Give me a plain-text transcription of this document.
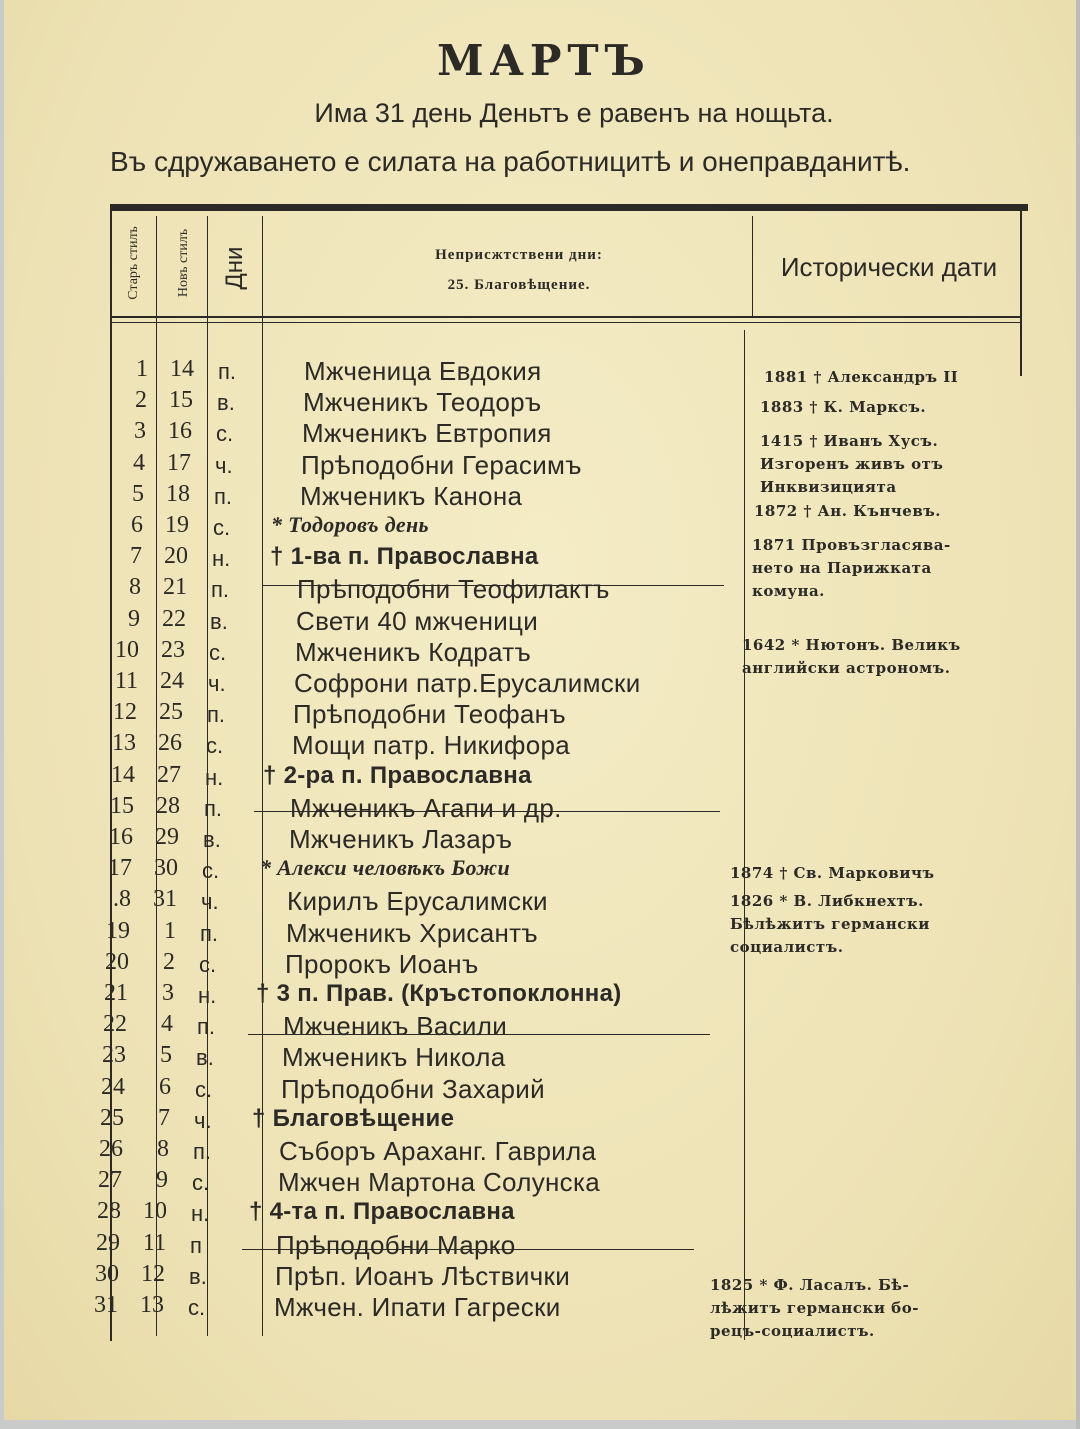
МАРТЪ
Има 31 день Деньтъ е равенъ на нощьта.
Въ сдружаването е силата на работницитѣ и онеправданитѣ.
Старъ стилъ	Новъ стилъ Дни	Неприсжтствени дни:
25. Благовѣщение.
Исторически дати
1 14 п.	Мжченица Евдокия
2 15 в.	Мжченикъ Теодоръ
3 16 с.	Мжченикъ Евтропия
4 17 ч.	Прѣподобни Герасимъ
5 18 п.	Мжченикъ Канона
6 19 с. * Тодоровъ день
7 20 н. † 1-ва п. Православна
8 21 п.	Прѣподобни Теофилактъ
9 22 в.	Свети 40 мжченици
10 23 с.	Мжченикъ Кодратъ
11 24 ч.	Софрони патр.Ерусалимски
12 25 п.	Прѣподобни Теофанъ
13 26 с.	Мощи патр. Никифора
14 27 н. † 2-ра п. Православна
15 28 п.	Мжченикъ Агапи и др.
16 29 в.	Мжченикъ Лазаръ
17 30 с. * Алекси человѣкъ Божи
.8 31 ч.	Кирилъ Ерусалимски
19	1 п.	Мжченикъ Хрисантъ
20	2 с.	Пророкъ Иоанъ
21	3 н. † 3 п. Прав. (Кръстопоклонна)
22	4 п.	Мжченикъ Васили
23	5 в.	Мжченикъ Никола
24	6 с.	Прѣподобни Захарий
25	7 ч. † Благовѣщение
26	8 п.	Съборъ Араханг. Гаврила
27	9 с.	Мжчен Мартона Солунска
28 10 н. † 4-та п. Православна
29 11 п	Прѣподобни Марко
30 12 в.	Прѣп. Иоанъ Лѣствички
31 13 с.	Мжчен. Ипати Гагрески
1881 † Александръ II
1883 † К. Марксъ.
1415 † Иванъ Хусъ.
Изгоренъ живъ отъ
Инквизицията
1872 † Ан. Кънчевъ.
1871 Провъзгласява-
нето на Парижката
комуна.
1642 * Нютонъ. Великъ
английски астрономъ.
1874 † Св. Марковичъ
1826 * В. Либкнехтъ.
Бѣлѣжитъ германски
социалистъ.
1825 * Ф. Ласалъ. Бѣ-
лѣжитъ германски бо-
рецъ-социалистъ.
